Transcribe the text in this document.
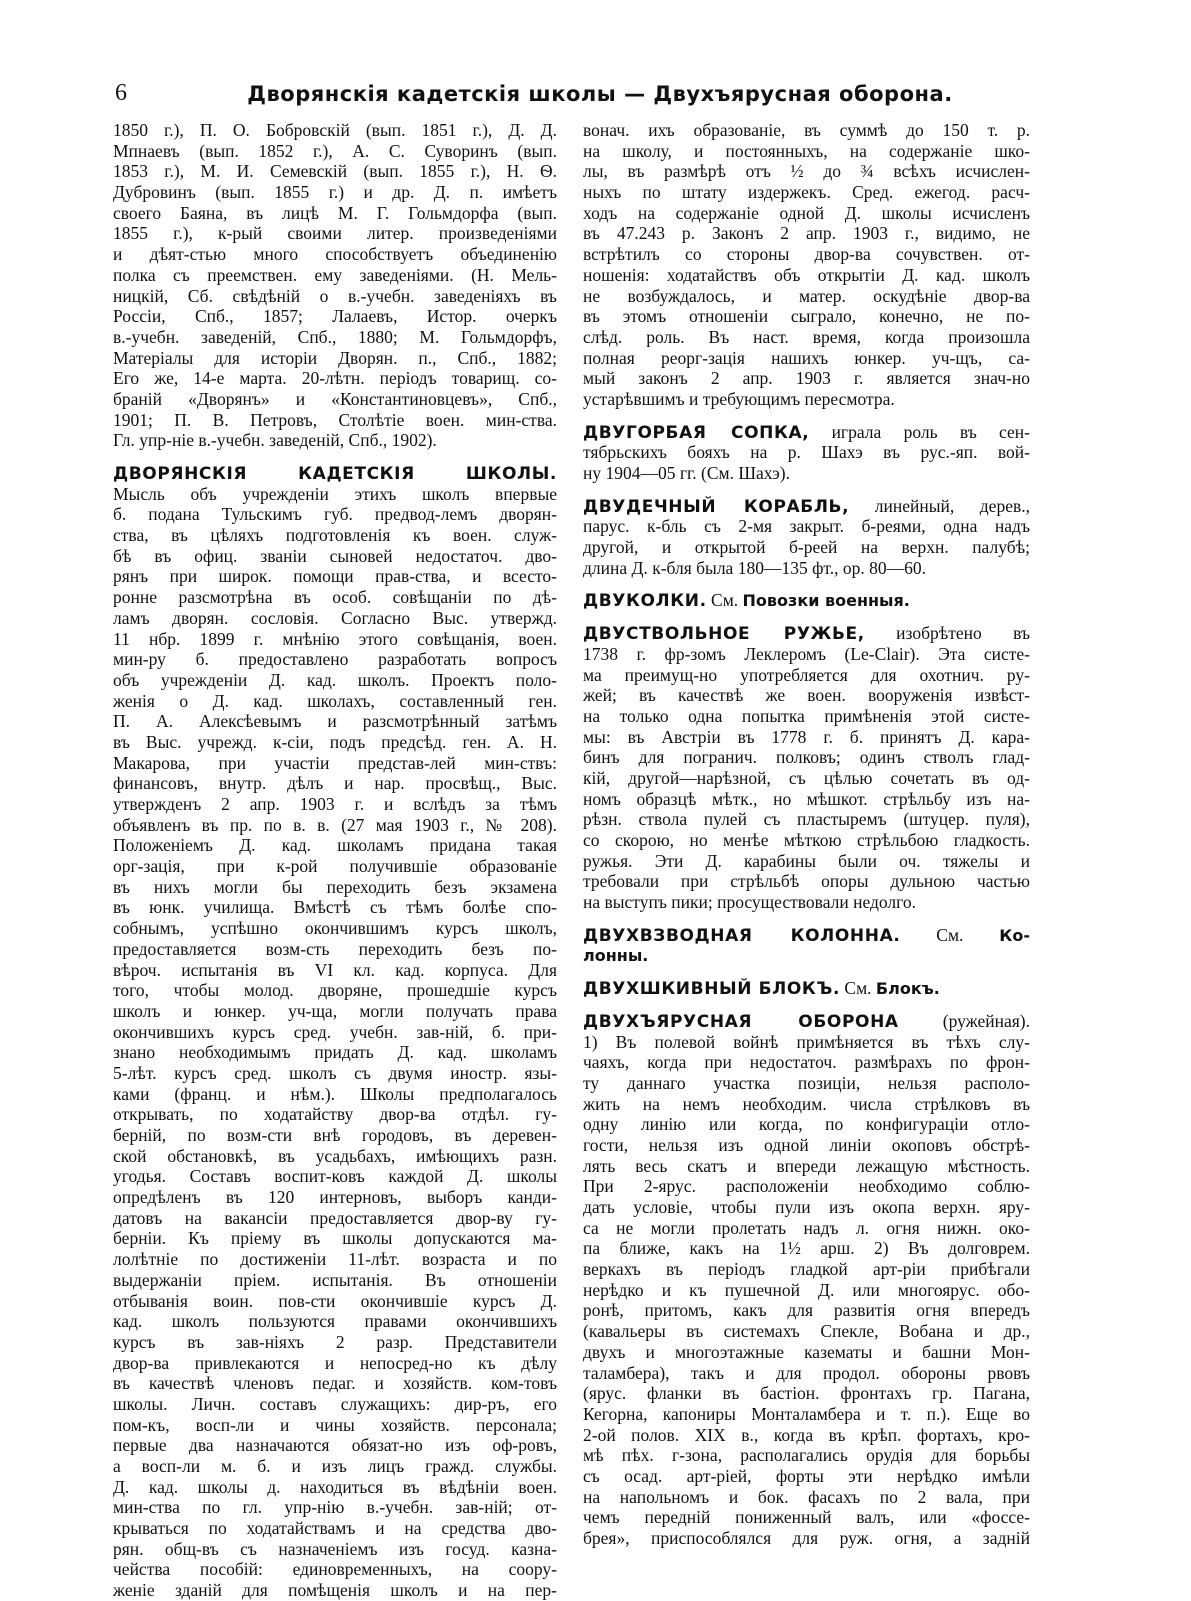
6	Дворянскія кадетскія школы — Двухъярусная оборона.
1850 г.), П. О. Бобровскій (вып. 1851 г.), Д. Д.
Мпнаевъ (вып. 1852 г.), А. С. Суворинъ (вып.
1853 г.), М. И. Семевскій (вып. 1855 г.), Н. Ѳ.
Дубровинъ (вып. 1855 г.) и др. Д. п. имѣетъ
своего Баяна, въ лицѣ М. Г. Гольмдорфа (вып.
1855 г.), к-рый своими литер. произведеніями
и дѣят-стью много способствуетъ объединенію
полка съ преемствен. ему заведеніями. (Н. Мель-
ницкій, Сб. свѣдѣній о в.-учебн. заведеніяхъ въ
Россіи, Спб., 1857; Лалаевъ, Истор. очеркъ
в.-учебн. заведеній, Спб., 1880; М. Гольмдорфъ,
Матеріалы для исторіи Дворян. п., Спб., 1882;
Его же, 14-е марта. 20-лѣтн. періодъ товарищ. со-
браній «Дворянъ» и «Константиновцевъ», Спб.,
1901; П. В. Петровъ, Столѣтіе воен. мин-ства.
Гл. упр-ніе в.-учебн. заведеній, Спб., 1902).
ДВОРЯНСКІЯ КАДЕТСКІЯ ШКОЛЫ.
Мысль объ учрежденіи этихъ школъ впервые
б. подана Тульскимъ губ. предвод-лемъ дворян-
ства, въ цѣляхъ подготовленія къ воен. служ-
бѣ въ офиц. званіи сыновей недостаточ. дво-
рянъ при широк. помощи прав-ства, и всесто-
ронне разсмотрѣна въ особ. совѣщаніи по дѣ-
ламъ дворян. сословія. Согласно Выс. утвержд.
11 нбр. 1899 г. мнѣнію этого совѣщанія, воен.
мин-ру б. предоставлено разработать вопросъ
объ учрежденіи Д. кад. школъ. Проектъ поло-
женія о Д. кад. школахъ, составленный ген.
П. А. Алексѣевымъ и разсмотрѣнный затѣмъ
въ Выс. учрежд. к-сіи, подъ предсѣд. ген. А. Н.
Макарова, при участіи представ-лей мин-ствъ:
финансовъ, внутр. дѣлъ и нар. просвѣщ., Выс.
утвержденъ 2 апр. 1903 г. и вслѣдъ за тѣмъ
объявленъ въ пр. по в. в. (27 мая 1903 г., № 208).
Положеніемъ Д. кад. школамъ придана такая
орг-зація, при к-рой получившіе образованіе
въ нихъ могли бы переходить безъ экзамена
въ юнк. училища. Вмѣстѣ съ тѣмъ болѣе спо-
собнымъ, успѣшно окончившимъ курсъ школъ,
предоставляется возм-сть переходить безъ по-
вѣроч. испытанія въ VI кл. кад. корпуса. Для
того, чтобы молод. дворяне, прошедшіе курсъ
школъ и юнкер. уч-ща, могли получать права
окончившихъ курсъ сред. учебн. зав-ній, б. при-
знано необходимымъ придать Д. кад. школамъ
5-лѣт. курсъ сред. школъ съ двумя иностр. язы-
ками (франц. и нѣм.). Школы предполагалось
открывать, по ходатайству двор-ва отдѣл. гу-
берній, по возм-сти внѣ городовъ, въ деревен-
ской обстановкѣ, въ усадьбахъ, имѣющихъ разн.
угодья. Составъ воспит-ковъ каждой Д. школы
опредѣленъ въ 120 интерновъ, выборъ канди-
датовъ на вакансіи предоставляется двор-ву гу-
берніи. Къ пріему въ школы допускаются ма-
лолѣтніе по достиженіи 11-лѣт. возраста и по
выдержаніи пріем. испытанія. Въ отношеніи
отбыванія воин. пов-сти окончившіе курсъ Д.
кад. школъ пользуются правами окончившихъ
курсъ въ зав-ніяхъ 2 разр. Представители
двор-ва привлекаются и непосред-но къ дѣлу
въ качествѣ членовъ педаг. и хозяйств. ком-товъ
школы. Личн. составъ служащихъ: дир-ръ, его
пом-къ, восп-ли и чины хозяйств. персонала;
первые два назначаются обязат-но изъ оф-ровъ,
а восп-ли м. б. и изъ лицъ гражд. службы.
Д. кад. школы д. находиться въ вѣдѣніи воен.
мин-ства по гл. упр-нію в.-учебн. зав-ній; от-
крываться по ходатайствамъ и на средства дво-
рян. общ-въ съ назначеніемъ изъ госуд. казна-
чейства пособій: единовременныхъ, на соору-
женіе зданій для помѣщенія школъ и на пер-
вонач. ихъ образованіе, въ суммѣ до 150 т. р.
на школу, и постоянныхъ, на содержаніе шко-
лы, въ размѣрѣ отъ ½ до ¾ всѣхъ исчислен-
ныхъ по штату издержекъ. Сред. ежегод. расч-
ходъ на содержаніе одной Д. школы исчисленъ
въ 47.243 р. Законъ 2 апр. 1903 г., видимо, не
встрѣтилъ со стороны двор-ва сочувствен. от-
ношенія: ходатайствъ объ открытіи Д. кад. школъ
не возбуждалось, и матер. оскудѣніе двор-ва
въ этомъ отношеніи сыграло, конечно, не по-
слѣд. роль. Въ наст. время, когда произошла
полная реорг-зація нашихъ юнкер. уч-щъ, са-
мый законъ 2 апр. 1903 г. является знач-но
устарѣвшимъ и требующимъ пересмотра.
ДВУГОРБАЯ СОПКА, играла роль въ сен-
тябрьскихъ бояхъ на р. Шахэ въ рус.-яп. вой-
ну 1904—05 гг. (См. Шахэ).
ДВУДЕЧНЫЙ КОРАБЛЬ, линейный, дерев.,
парус. к-бль съ 2-мя закрыт. б-реями, одна надъ
другой, и открытой б-реей на верхн. палубѣ;
длина Д. к-бля была 180—135 фт., ор. 80—60.
ДВУКОЛКИ. См. Повозки военныя.
ДВУСТВОЛЬНОЕ РУЖЬЕ, изобрѣтено въ
1738 г. фр-зомъ Леклеромъ (Le-Clair). Эта систе-
ма преимущ-но употребляется для охотнич. ру-
жей; въ качествѣ же воен. вооруженія извѣст-
на только одна попытка примѣненія этой систе-
мы: въ Австріи въ 1778 г. б. принятъ Д. кара-
бинъ для погранич. полковъ; одинъ стволъ глад-
кій, другой—нарѣзной, съ цѣлью сочетать въ од-
номъ образцѣ мѣтк., но мѣшкот. стрѣльбу изъ на-
рѣзн. ствола пулей съ пластыремъ (штуцер. пуля),
со скорою, но менѣе мѣткою стрѣльбою гладкость.
ружья. Эти Д. карабины были оч. тяжелы и
требовали при стрѣльбѣ опоры дульною частью
на выступъ пики; просуществовали недолго.
ДВУХВЗВОДНАЯ КОЛОННА. См. Ко-
лонны.
ДВУХШКИВНЫЙ БЛОКЪ. См. Блокъ.
ДВУХЪЯРУСНАЯ ОБОРОНА (ружейная).
1) Въ полевой войнѣ примѣняется въ тѣхъ слу-
чаяхъ, когда при недостаточ. размѣрахъ по фрон-
ту даннаго участка позиціи, нельзя располо-
жить на немъ необходим. числа стрѣлковъ въ
одну линію или когда, по конфигураціи отло-
гости, нельзя изъ одной линіи окоповъ обстрѣ-
лять весь скатъ и впереди лежащую мѣстность.
При 2-ярус. расположеніи необходимо соблю-
дать условіе, чтобы пули изъ окопа верхн. яру-
са не могли пролетать надъ л. огня нижн. око-
па ближе, какъ на 1½ арш. 2) Въ долговрем.
веркахъ въ періодъ гладкой арт-ріи прибѣгали
нерѣдко и къ пушечной Д. или многоярус. обо-
ронѣ, притомъ, какъ для развитія огня впередъ
(кавальеры въ системахъ Спекле, Вобана и др.,
двухъ и многоэтажные казематы и башни Мон-
таламбера), такъ и для продол. обороны рвовъ
(ярус. фланки въ бастіон. фронтахъ гр. Пагана,
Кегорна, капониры Монталамбера и т. п.). Еще во
2-ой полов. XIX в., когда въ крѣп. фортахъ, кро-
мѣ пѣх. г-зона, располагались орудія для борьбы
съ осад. арт-ріей, форты эти нерѣдко имѣли
на напольномъ и бок. фасахъ по 2 вала, при
чемъ передній пониженный валъ, или «фоссе-
брея», приспособлялся для руж. огня, а задній
